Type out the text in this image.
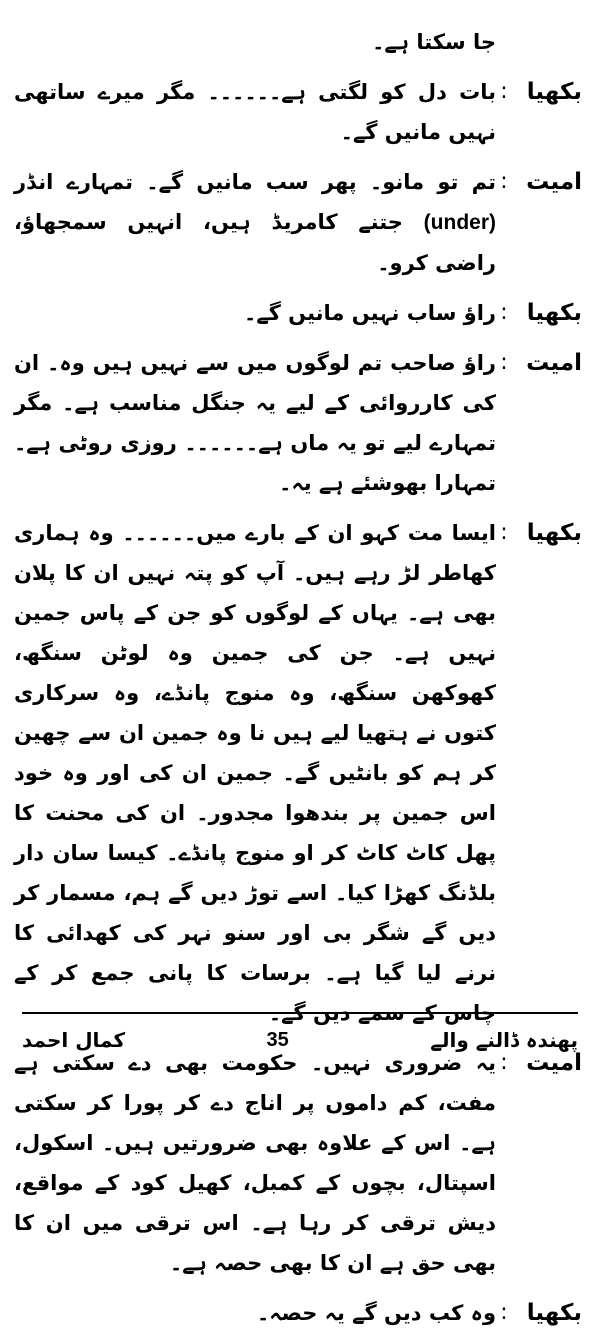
جا سکتا ہے۔
بکھیا
:
بات دل کو لگتی ہے۔۔۔۔۔۔ مگر میرے ساتھی نہیں مانیں گے۔
امیت
:
تم تو مانو۔ پھر سب مانیں گے۔ تمہارے انڈر (under) جتنے کامریڈ ہیں، انہیں سمجھاؤ، راضی کرو۔
بکھیا
:
راؤ ساب نہیں مانیں گے۔
امیت
:
راؤ صاحب تم لوگوں میں سے نہیں ہیں وہ۔ ان کی کارروائی کے لیے یہ جنگل مناسب ہے۔ مگر تمہارے لیے تو یہ ماں ہے۔۔۔۔۔۔ روزی روٹی ہے۔ تمہارا بھوشئے ہے یہ۔
بکھیا
:
ایسا مت کہو ان کے بارے میں۔۔۔۔۔۔ وہ ہماری کھاطر لڑ رہے ہیں۔ آپ کو پتہ نہیں ان کا پلان بھی ہے۔ یہاں کے لوگوں کو جن کے پاس جمین نہیں ہے۔ جن کی جمین وہ لوٹن سنگھ، کھوکھن سنگھ، وہ منوج پانڈے، وہ سرکاری کتوں نے ہتھیا لیے ہیں نا وہ جمین ان سے چھین کر ہم کو بانٹیں گے۔ جمین ان کی اور وہ خود اس جمین پر بندھوا مجدور۔ ان کی محنت کا پھل کاٹ کاٹ کر او منوج پانڈے۔ کیسا سان دار بلڈنگ کھڑا کیا۔ اسے توڑ دیں گے ہم، مسمار کر دیں گے شگر بی اور سنو نہر کی کھدائی کا نرنے لیا گیا ہے۔ برسات کا پانی جمع کر کے چاس کے سمے دیں گے۔
امیت
:
یہ ضروری نہیں۔ حکومت بھی دے سکتی ہے مفت، کم داموں پر اناج دے کر پورا کر سکتی ہے۔ اس کے علاوہ بھی ضرورتیں ہیں۔ اسکول، اسپتال، بچوں کے کمبل، کھیل کود کے مواقع، دیش ترقی کر رہا ہے۔ اس ترقی میں ان کا بھی حق ہے ان کا بھی حصہ ہے۔
بکھیا
:
وہ کب دیں گے یہ حصہ۔
کمال احمد	35	پھندہ ڈالنے والے
